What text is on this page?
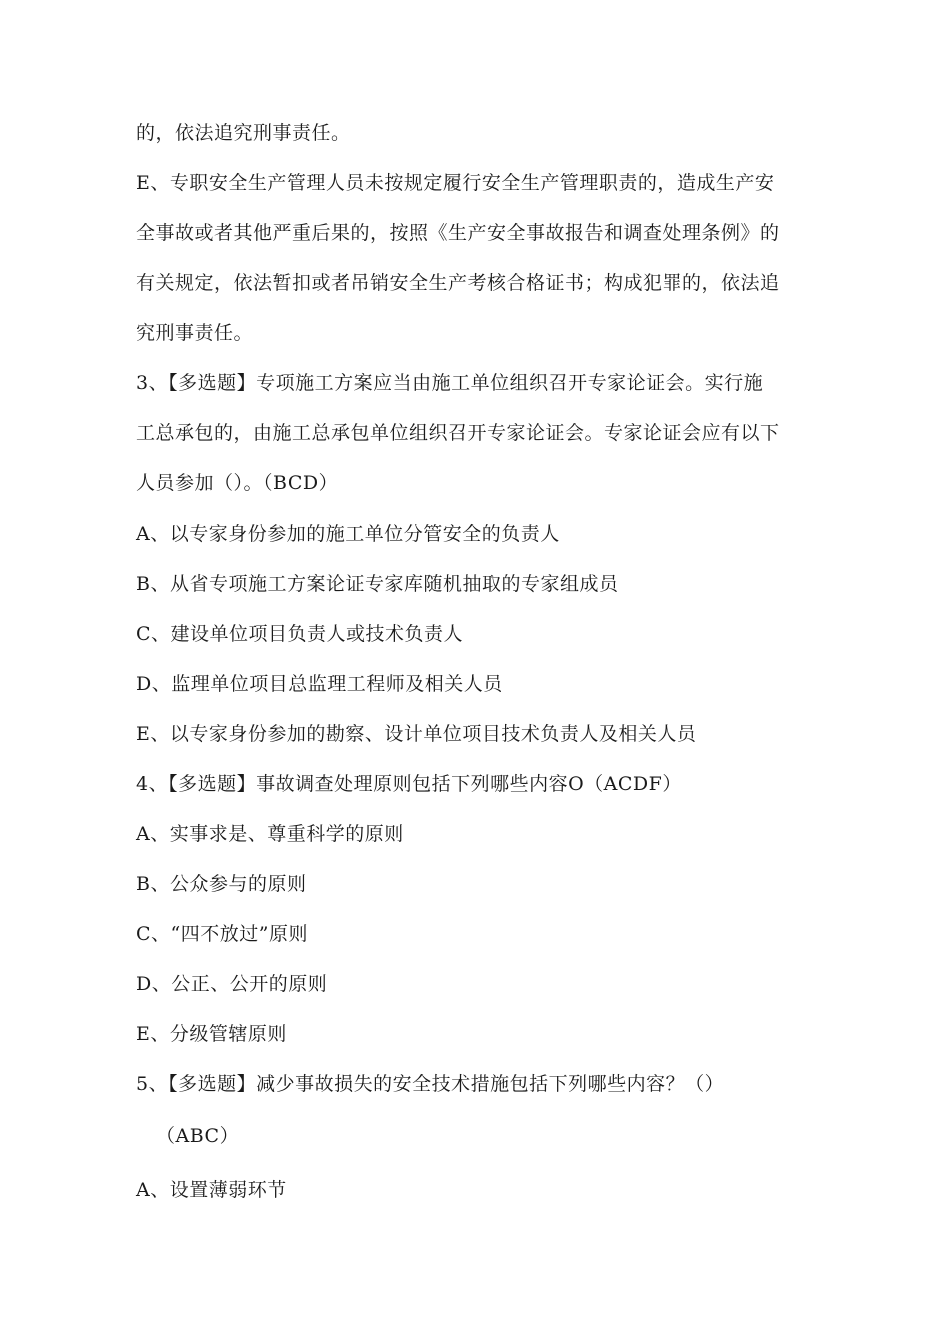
的，依法追究刑事责任。
E、专职安全生产管理人员未按规定履行安全生产管理职责的，造成生产安
全事故或者其他严重后果的，按照《生产安全事故报告和调查处理条例》的
有关规定，依法暂扣或者吊销安全生产考核合格证书；构成犯罪的，依法追
究刑事责任。
3、【多选题】专项施工方案应当由施工单位组织召开专家论证会。实行施
工总承包的，由施工总承包单位组织召开专家论证会。专家论证会应有以下
人员参加（）。（BCD）
A、以专家身份参加的施工单位分管安全的负责人
B、从省专项施工方案论证专家库随机抽取的专家组成员
C、建设单位项目负责人或技术负责人
D、监理单位项目总监理工程师及相关人员
E、以专家身份参加的勘察、设计单位项目技术负责人及相关人员
4、【多选题】事故调查处理原则包括下列哪些内容O（ACDF）
A、实事求是、尊重科学的原则
B、公众参与的原则
C、“四不放过”原则
D、公正、公开的原则
E、分级管辖原则
5、【多选题】减少事故损失的安全技术措施包括下列哪些内容？（）
（ABC）
A、设置薄弱环节
